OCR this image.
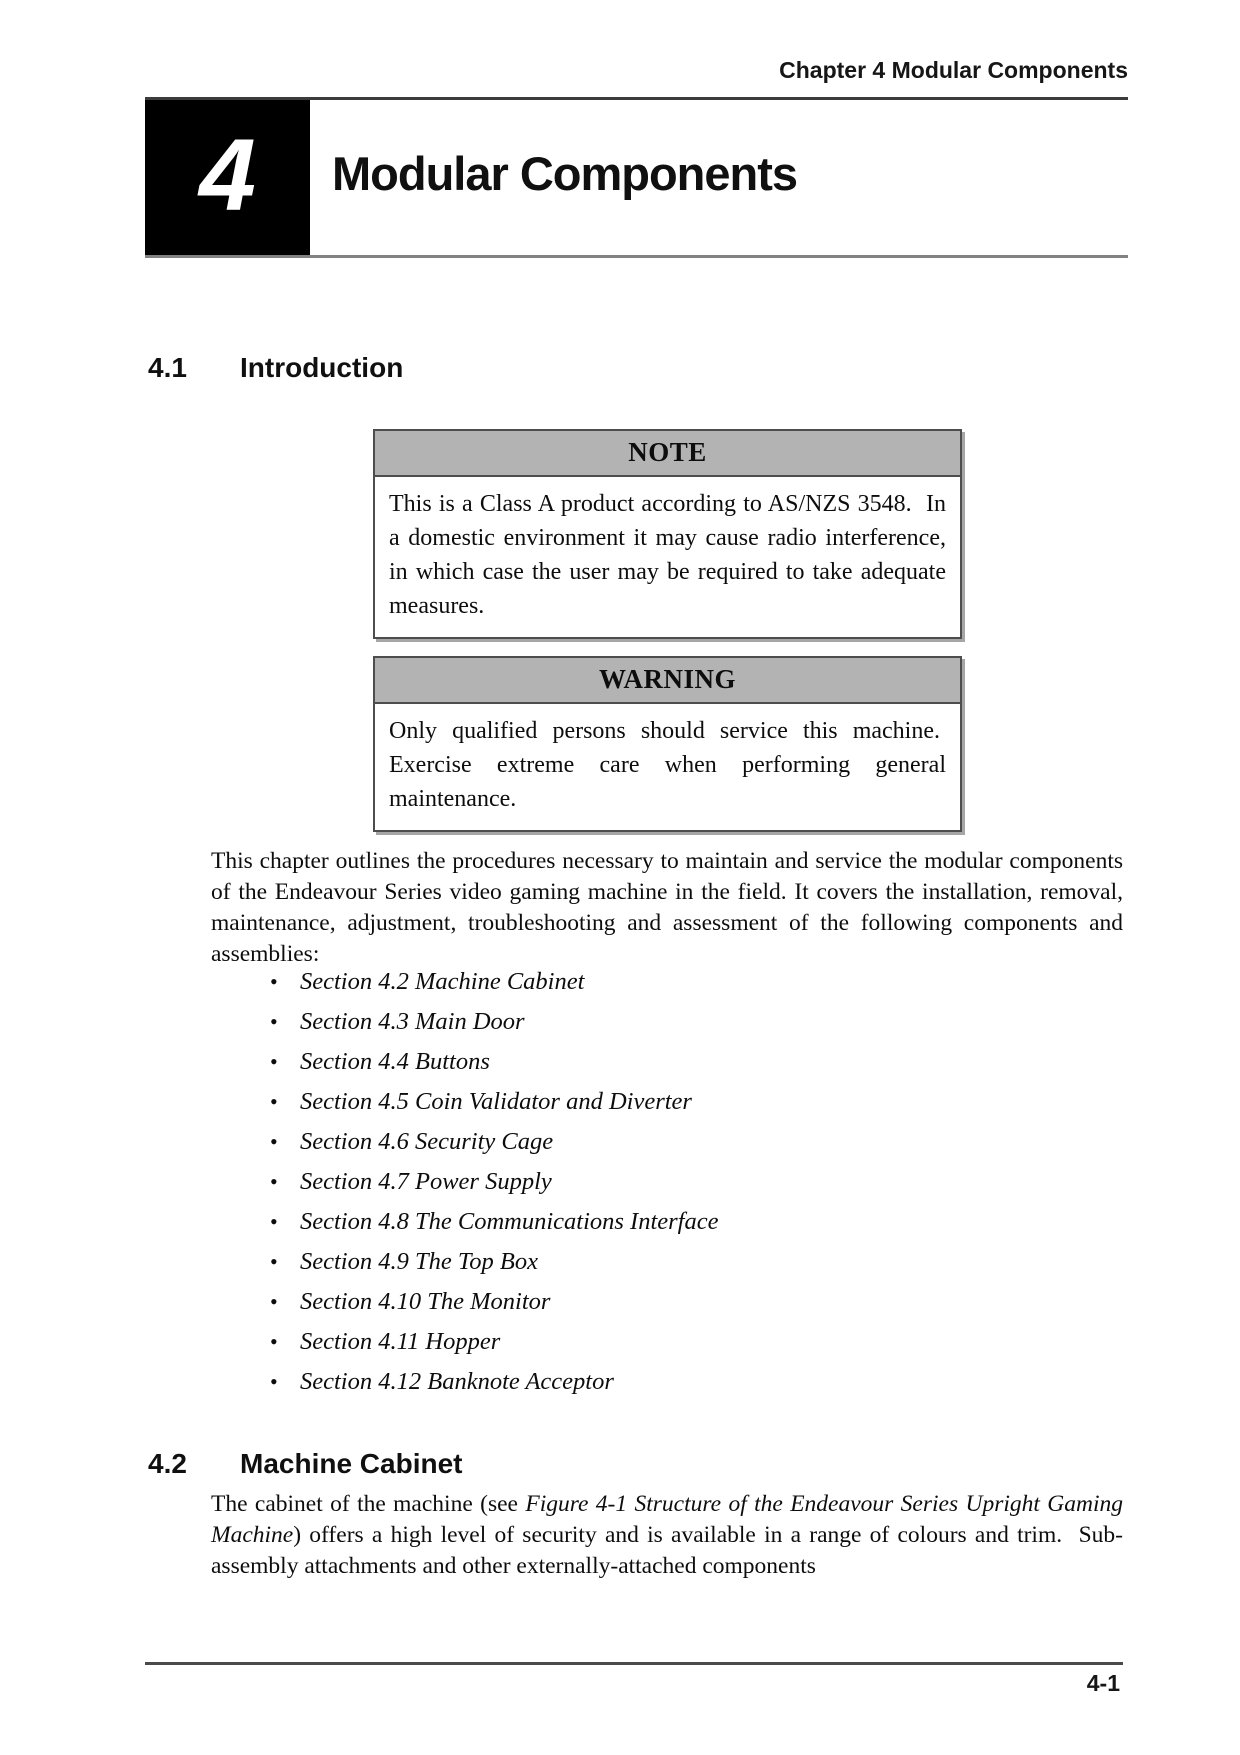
Chapter 4 Modular Components
4 Modular Components
4.1 Introduction
NOTE
This is a Class A product according to AS/NZS 3548.  In a domestic environment it may cause radio interference, in which case the user may be required to take adequate measures.
WARNING
Only qualified persons should service this machine.  Exercise extreme care when performing general maintenance.
This chapter outlines the procedures necessary to maintain and service the modular components of the Endeavour Series video gaming machine in the field. It covers the installation, removal, maintenance, adjustment, troubleshooting and assessment of the following components and assemblies:
• Section 4.2 Machine Cabinet
• Section 4.3 Main Door
• Section 4.4 Buttons
• Section 4.5 Coin Validator and Diverter
• Section 4.6 Security Cage
• Section 4.7 Power Supply
• Section 4.8 The Communications Interface
• Section 4.9 The Top Box
• Section 4.10 The Monitor
• Section 4.11 Hopper
• Section 4.12 Banknote Acceptor
4.2 Machine Cabinet
The cabinet of the machine (see Figure 4-1 Structure of the Endeavour Series Upright Gaming Machine) offers a high level of security and is available in a range of colours and trim.  Sub-assembly attachments and other externally-attached components
4-1
